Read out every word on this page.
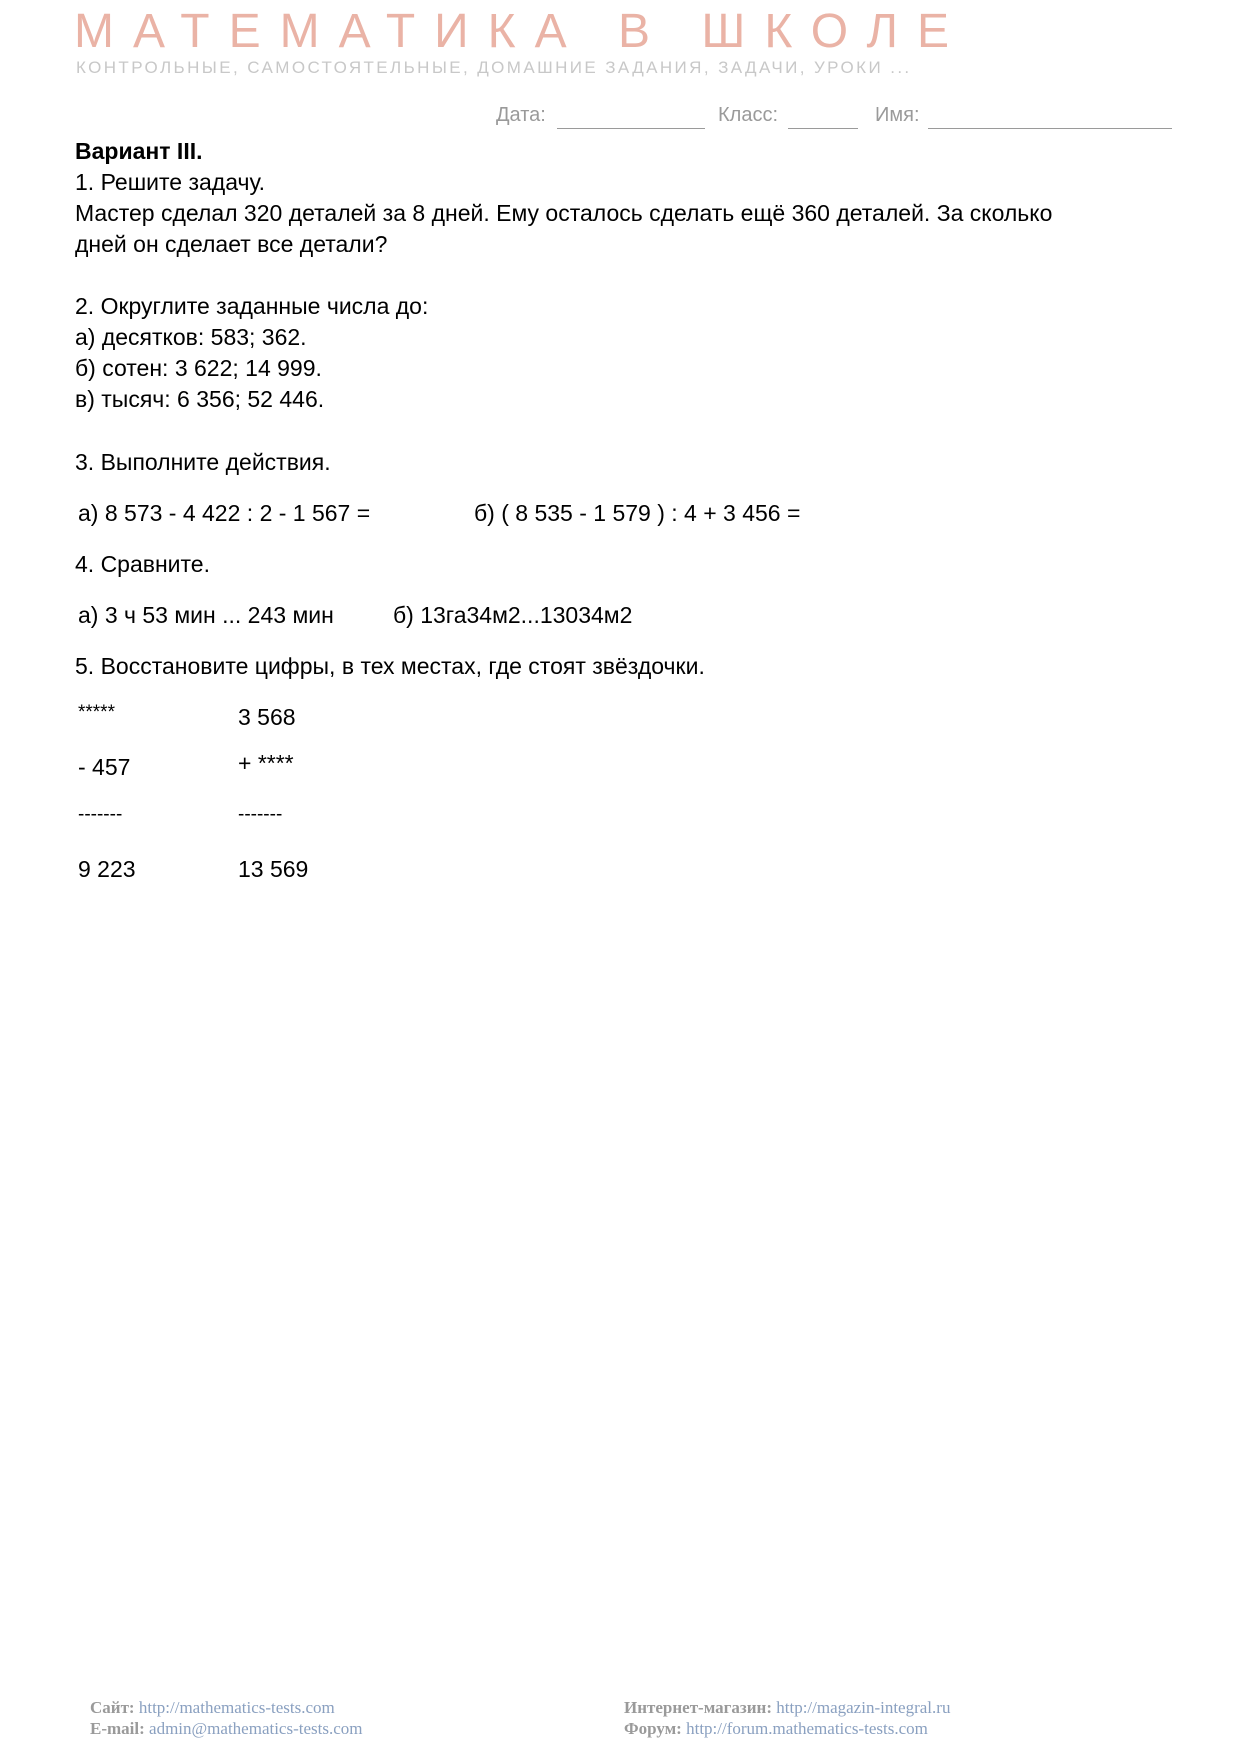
МАТЕМАТИКА В ШКОЛЕ
КОНТРОЛЬНЫЕ, САМОСТОЯТЕЛЬНЫЕ, ДОМАШНИЕ ЗАДАНИЯ, ЗАДАЧИ, УРОКИ ...
Дата:	Класс:	Имя:
Вариант III.
1. Решите задачу.
Мастер сделал 320 деталей за 8 дней. Ему осталось сделать ещё 360 деталей. За сколько
дней он сделает все детали?
2. Округлите заданные числа до:
а) десятков: 583; 362.
б) сотен: 3 622; 14 999.
в) тысяч: 6 356; 52 446.
3. Выполните действия.
а) 8 573 - 4 422 : 2 - 1 567 =	б) ( 8 535 - 1 579 ) : 4 + 3 456 =
4. Сравните.
а) 3 ч 53 мин ... 243 мин	б) 13га34м2...13034м2
5. Восстановите цифры, в тех местах, где стоят звёздочки.
*****
- 457
-------
9 223
3 568
+ ****
-------
13 569
Сайт: http://mathematics-tests.com
E-mail: admin@mathematics-tests.com
Интернет-магазин: http://magazin-integral.ru
Форум: http://forum.mathematics-tests.com
